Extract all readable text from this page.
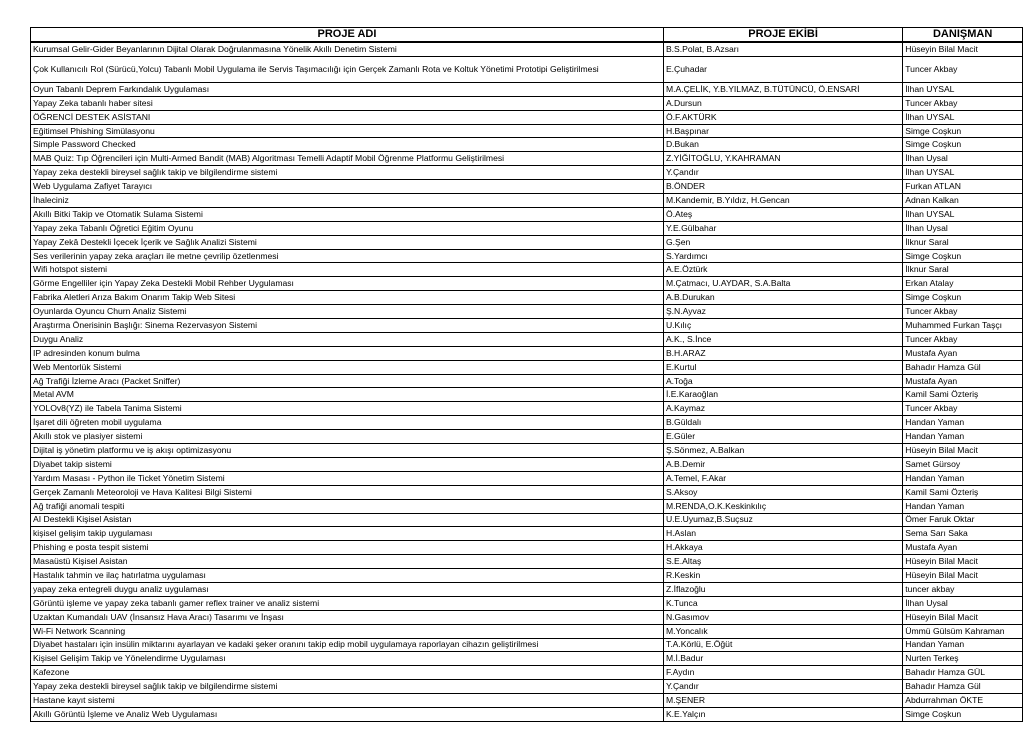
PROJE ADI	PROJE EKİBİ	DANIŞMAN
Kurumsal Gelir-Gider Beyanlarının Dijital Olarak Doğrulanmasına Yönelik Akıllı Denetim Sistemi	B.S.Polat, B.Azsarı	Hüseyin Bilal Macit
Çok Kullanıcılı Rol (Sürücü,Yolcu) Tabanlı Mobil Uygulama ile Servis Taşımacılığı için Gerçek Zamanlı Rota ve Koltuk Yönetimi Prototipi Geliştirilmesi	E.Çuhadar	Tuncer Akbay
Oyun Tabanlı Deprem Farkındalık Uygulaması	M.A.ÇELİK, Y.B.YILMAZ, B.TÜTÜNCÜ, Ö.ENSARİ	İlhan UYSAL
Yapay Zeka tabanlı haber sitesi	A.Dursun	Tuncer Akbay
ÖĞRENCİ DESTEK ASİSTANI	Ö.F.AKTÜRK	İlhan UYSAL
Eğitimsel Phishing Simülasyonu	H.Başpınar	Simge Coşkun
Simple Password Checked	D.Bukan	Simge Coşkun
MAB Quiz: Tıp Öğrencileri için Multi-Armed Bandit (MAB) Algoritması Temelli Adaptif Mobil Öğrenme Platformu Geliştirilmesi	Z.YİĞİTOĞLU, Y.KAHRAMAN	İlhan Uysal
Yapay zeka destekli bireysel sağlık takip ve bilgilendirme sistemi	Y.Çandır	İlhan UYSAL
Web Uygulama Zafiyet Tarayıcı	B.ÖNDER	Furkan ATLAN
İhaleciniz	M.Kandemir, B.Yıldız, H.Gencan	Adnan Kalkan
Akıllı Bitki Takip ve Otomatik Sulama Sistemi	Ö.Ateş	İlhan UYSAL
Yapay zeka Tabanlı Öğretici Eğitim Oyunu	Y.E.Gülbahar	İlhan Uysal
Yapay Zekâ Destekli İçecek İçerik ve Sağlık Analizi Sistemi	G.Şen	İlknur Saral
Ses verilerinin yapay zeka araçları ile metne çevrilip özetlenmesi	S.Yardımcı	Simge Coşkun
Wifi hotspot sistemi	A.E.Öztürk	İlknur Saral
Görme Engelliler için Yapay Zeka Destekli Mobil Rehber Uygulaması	M.Çatmacı, U.AYDAR, S.A.Balta	Erkan Atalay
Fabrika Aletleri Arıza Bakım Onarım Takip Web Sitesi	A.B.Durukan	Simge Coşkun
Oyunlarda Oyuncu Churn Analiz Sistemi	Ş.N.Ayvaz	Tuncer Akbay
Araştırma Önerisinin Başlığı: Sinema Rezervasyon Sistemi	U.Kılıç	Muhammed Furkan Taşçı
Duygu Analiz	A.K., S.İnce	Tuncer Akbay
IP adresinden konum bulma	B.H.ARAZ	Mustafa Ayan
Web Mentorlük Sistemi	E.Kurtul	Bahadır Hamza Gül
Ağ Trafiği İzleme Aracı (Packet Sniffer)	A.Toğa	Mustafa Ayan
Metal AVM	İ.E.Karaoğlan	Kamil Sami Özteriş
YOLOv8(YZ) ile Tabela Tanima Sistemi	A.Kaymaz	Tuncer Akbay
İşaret dili öğreten mobil uygulama	B.Güldalı	Handan Yaman
Akıllı stok ve plasiyer sistemi	E.Güler	Handan Yaman
Dijital iş yönetim platformu ve iş akışı optimizasyonu	Ş.Sönmez, A.Balkan	Hüseyin Bilal Macit
Diyabet takip sistemi	A.B.Demir	Samet Gürsoy
Yardım Masası - Python ile Ticket Yönetim Sistemi	A.Temel, F.Akar	Handan Yaman
Gerçek Zamanlı Meteoroloji ve Hava Kalitesi Bilgi Sistemi	S.Aksoy	Kamil Sami Özteriş
Ağ trafiği anomali tespiti	M.RENDA,O.K.Keskinkılıç	Handan Yaman
AI Destekli Kişisel Asistan	U.E.Uyumaz,B.Suçsuz	Ömer Faruk Oktar
kişisel gelişim takip uygulaması	H.Aslan	Sema Sarı Saka
Phishing e posta tespit sistemi	H.Akkaya	Mustafa Ayan
Masaüstü Kişisel Asistan	S.E.Altaş	Hüseyin Bilal Macit
Hastalık tahmin ve ilaç hatırlatma uygulaması	R.Keskin	Hüseyin Bilal Macit
yapay zeka entegreli duygu analiz uygulaması	Z.İflazoğlu	tuncer akbay
Görüntü işleme ve yapay zeka tabanlı gamer reflex trainer ve analiz sistemi	K.Tunca	İlhan Uysal
Uzaktan Kumandalı UAV (İnsansız Hava Aracı) Tasarımı ve İnşası	N.Gasımov	Hüseyin Bilal Macit
Wi-Fi Network Scanning	M.Yoncalık	Ümmü Gülsüm Kahraman
Diyabet hastaları için insülin miktarını ayarlayan ve kadaki şeker oranını takip edip mobil uygulamaya raporlayan cihazın geliştirilmesi	T.A.Körlü, E.Öğüt	Handan Yaman
Kişisel Gelişim Takip ve Yönelendirme Uygulaması	M.İ.Badur	Nurten Terkeş
Kafezone	F.Aydın	Bahadır Hamza GÜL
Yapay zeka destekli bireysel sağlık takip ve bilgilendirme sistemi	Y.Çandır	Bahadır Hamza Gül
Hastane kayıt sistemi	M.ŞENER	Abdurrahman ÖKTE
Akıllı Görüntü İşleme ve Analiz Web Uygulaması	K.E.Yalçın	Simge Coşkun
